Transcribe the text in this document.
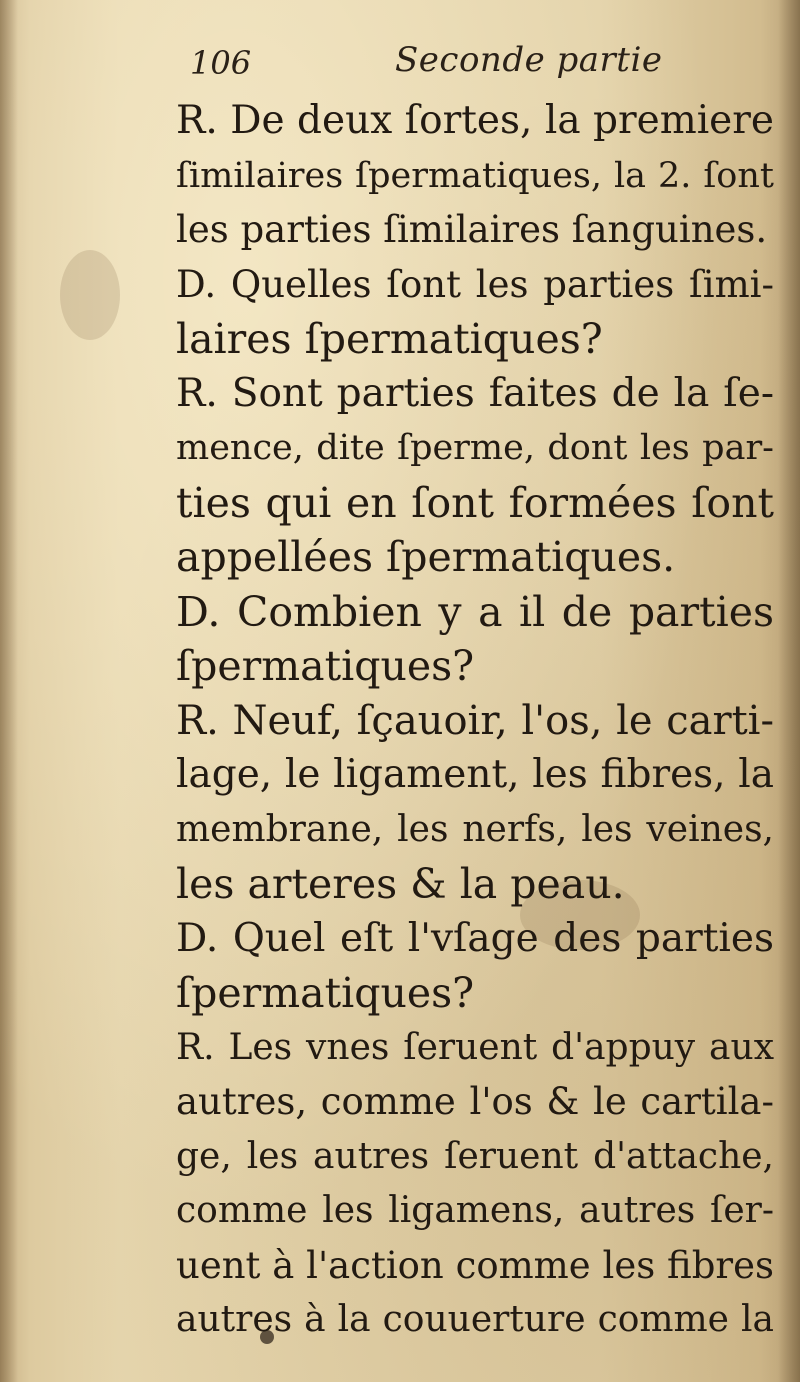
106	Seconde partie
R. De deux ſortes, la premiere
ſimilaires ſpermatiques, la 2. ſont
les parties ſimilaires ſanguines.
D. Quelles ſont les parties ſimi-
laires ſpermatiques?
R. Sont parties faites de la ſe-
mence, dite ſperme, dont les par-
ties qui en ſont formées ſont
appellées ſpermatiques.
D. Combien y a il de parties
ſpermatiques?
R. Neuf, ſçauoir, l'os, le carti-
lage, le ligament, les fibres, la
membrane, les nerfs, les veines,
les arteres & la peau.
D. Quel eſt l'vſage des parties
ſpermatiques?
R. Les vnes ſeruent d'appuy aux
autres, comme l'os & le cartila-
ge, les autres ſeruent d'attache,
comme les ligamens, autres ſer-
uent à l'action comme les fibres
autres à la couuerture comme la
